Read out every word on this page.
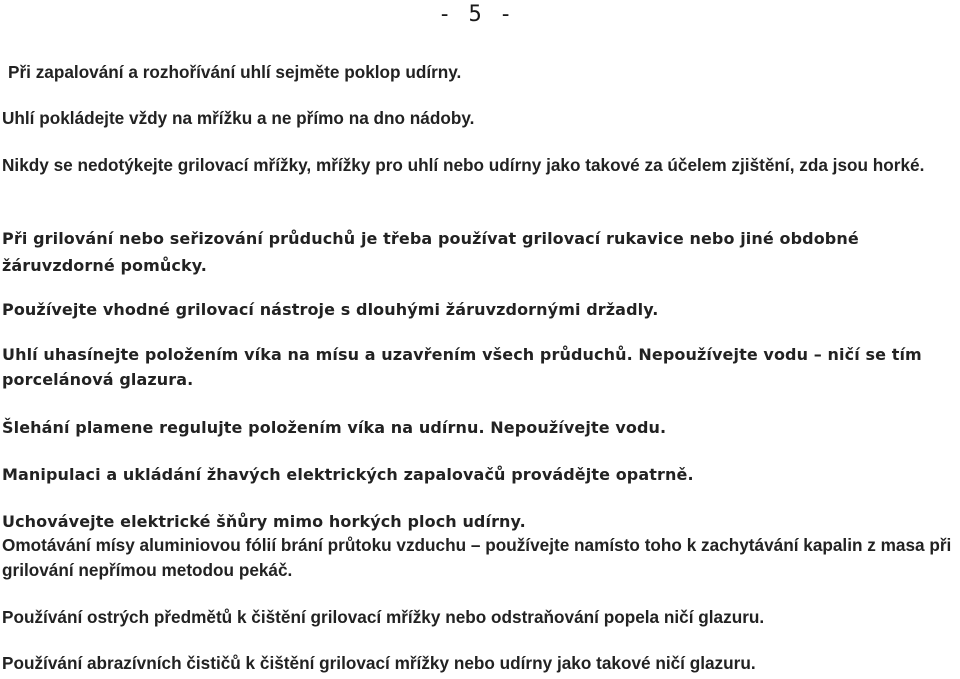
- 5 -

Při zapalování a rozhořívání uhlí sejměte poklop udírny.

Uhlí pokládejte vždy na mřížku a ne přímo na dno nádoby.

Nikdy se nedotýkejte grilovací mřížky, mřížky pro uhlí nebo udírny jako takové za účelem zjištění, zda jsou horké.

Při grilování nebo seřizování průduchů je třeba používat grilovací rukavice nebo jiné obdobné žáruvzdorné pomůcky.

Používejte vhodné grilovací nástroje s dlouhými žáruvzdornými držadly.

Uhlí uhasínejte položením víka na mísu a uzavřením všech průduchů. Nepoužívejte vodu – ničí se tím porcelánová glazura.

Šlehání plamene regulujte položením víka na udírnu. Nepoužívejte vodu.

Manipulaci a ukládání žhavých elektrických zapalovačů provádějte opatrně.

Uchovávejte elektrické šňůry mimo horkých ploch udírny.

Omotávání mísy aluminiovou fólií brání průtoku vzduchu – používejte namísto toho k zachytávání kapalin z masa při grilování nepřímou metodou pekáč.

Používání ostrých předmětů k čištění grilovací mřížky nebo odstraňování popela ničí glazuru.

Používání abrazívních čističů k čištění grilovací mřížky nebo udírny jako takové ničí glazuru.
